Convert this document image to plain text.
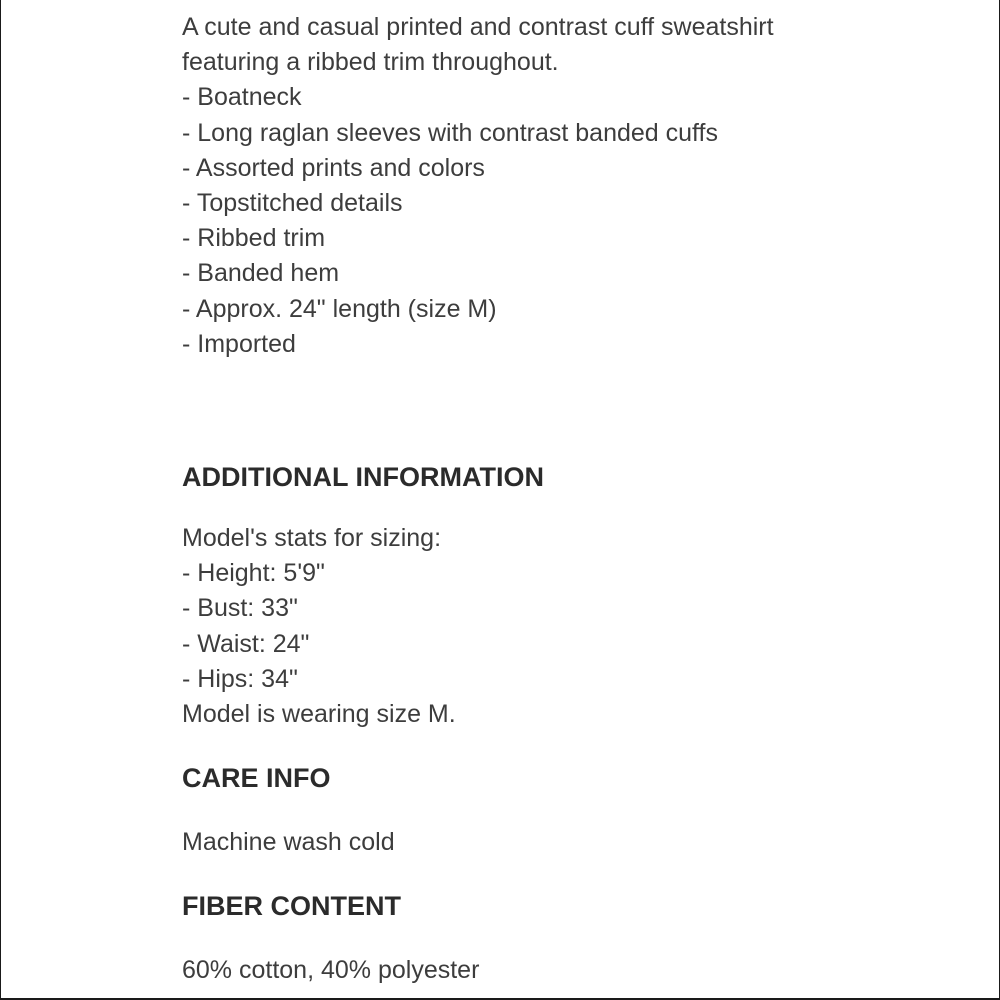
A cute and casual printed and contrast cuff sweatshirt
featuring a ribbed trim throughout.
- Boatneck
- Long raglan sleeves with contrast banded cuffs
- Assorted prints and colors
- Topstitched details
- Ribbed trim
- Banded hem
- Approx. 24" length (size M)
- Imported
ADDITIONAL INFORMATION
Model's stats for sizing:
- Height: 5'9"
- Bust: 33"
- Waist: 24"
- Hips: 34"
Model is wearing size M.
CARE INFO
Machine wash cold
FIBER CONTENT
60% cotton, 40% polyester
